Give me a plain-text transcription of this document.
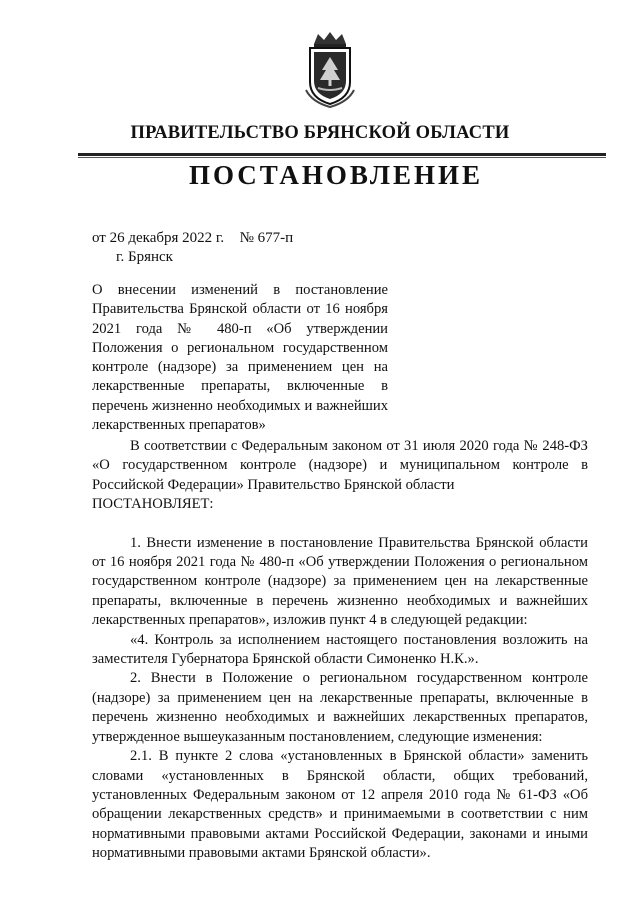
ПРАВИТЕЛЬСТВО БРЯНСКОЙ ОБЛАСТИ
ПОСТАНОВЛЕНИЕ
от 26 декабря 2022 г. № 677-п
г. Брянск
О внесении изменений в постановление Правительства Брянской области от 16 ноября 2021 года № 480-п «Об утверждении Положения о региональном государственном контроле (надзоре) за применением цен на лекарственные препараты, включенные в перечень жизненно необходимых и важнейших лекарственных препаратов»

В соответствии с Федеральным законом от 31 июля 2020 года № 248-ФЗ «О государственном контроле (надзоре) и муниципальном контроле в Российской Федерации» Правительство Брянской области

ПОСТАНОВЛЯЕТ:

1. Внести изменение в постановление Правительства Брянской области от 16 ноября 2021 года № 480-п «Об утверждении Положения о региональном государственном контроле (надзоре) за применением цен на лекарственные препараты, включенные в перечень жизненно необходимых и важнейших лекарственных препаратов», изложив пункт 4 в следующей редакции:

«4. Контроль за исполнением настоящего постановления возложить на заместителя Губернатора Брянской области Симоненко Н.К.».

2. Внести в Положение о региональном государственном контроле (надзоре) за применением цен на лекарственные препараты, включенные в перечень жизненно необходимых и важнейших лекарственных препаратов, утвержденное вышеуказанным постановлением, следующие изменения:

2.1. В пункте 2 слова «установленных в Брянской области» заменить словами «установленных в Брянской области, общих требований, установленных Федеральным законом от 12 апреля 2010 года № 61-ФЗ «Об обращении лекарственных средств» и принимаемыми в соответствии с ним нормативными правовыми актами Российской Федерации, законами и иными нормативными правовыми актами Брянской области».
